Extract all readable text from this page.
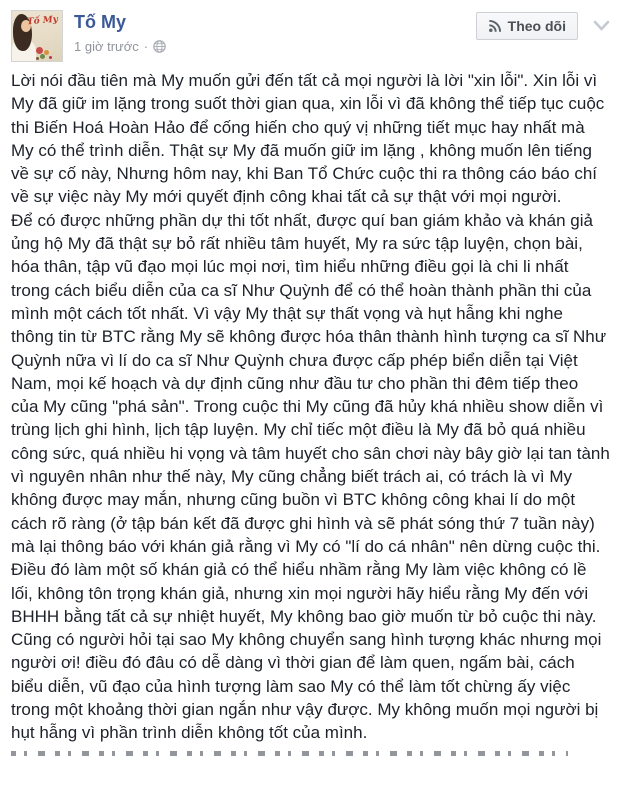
Tố My Tố My
1 giờ trước ·
Theo dõi

Lời nói đầu tiên mà My muốn gửi đến tất cả mọi người là lời "xin lỗi". Xin lỗi vì My đã giữ im lặng trong suốt thời gian qua, xin lỗi vì đã không thể tiếp tục cuộc thi Biến Hoá Hoàn Hảo để cống hiến cho quý vị những tiết mục hay nhất mà My có thể trình diễn. Thật sự My đã muốn giữ im lặng , không muốn lên tiếng về sự cố này, Nhưng hôm nay, khi Ban Tổ Chức cuộc thi ra thông cáo báo chí về sự việc này My mới quyết định công khai tất cả sự thật với mọi người.

Để có được những phần dự thi tốt nhất, được quí ban giám khảo và khán giả ủng hộ My đã thật sự bỏ rất nhiều tâm huyết, My ra sức tập luyện, chọn bài, hóa thân, tập vũ đạo mọi lúc mọi nơi, tìm hiểu những điều gọi là chi li nhất trong cách biểu diễn của ca sĩ Như Quỳnh để có thể hoàn thành phần thi của mình một cách tốt nhất. Vì vậy My thật sự thất vọng và hụt hẫng khi nghe thông tin từ BTC rằng My sẽ không được hóa thân thành hình tượng ca sĩ Như Quỳnh nữa vì lí do ca sĩ Như Quỳnh chưa được cấp phép biển diễn tại Việt Nam, mọi kế hoạch và dự định cũng như đầu tư cho phần thi đêm tiếp theo của My cũng "phá sản". Trong cuộc thi My cũng đã hủy khá nhiều show diễn vì trùng lịch ghi hình, lịch tập luyện. My chỉ tiếc một điều là My đã bỏ quá nhiều công sức, quá nhiều hi vọng và tâm huyết cho sân chơi này bây giờ lại tan tành vì nguyên nhân như thế này, My cũng chẳng biết trách ai, có trách là vì My không được may mắn, nhưng cũng buồn vì BTC không công khai lí do một cách rõ ràng (ở tập bán kết đã được ghi hình và sẽ phát sóng thứ 7 tuần này) mà lại thông báo với khán giả rằng vì My có "lí do cá nhân" nên dừng cuộc thi. Điều đó làm một số khán giả có thể hiểu nhầm rằng My làm việc không có lề lối, không tôn trọng khán giả, nhưng xin mọi người hãy hiểu rằng My đến với BHHH bằng tất cả sự nhiệt huyết, My không bao giờ muốn từ bỏ cuộc thi này. Cũng có người hỏi tại sao My không chuyển sang hình tượng khác nhưng mọi người ơi! điều đó đâu có dễ dàng vì thời gian để làm quen, ngấm bài, cách biểu diễn, vũ đạo của hình tượng làm sao My có thể làm tốt chừng ấy việc trong một khoảng thời gian ngắn như vậy được. My không muốn mọi người bị hụt hẫng vì phần trình diễn không tốt của mình.
